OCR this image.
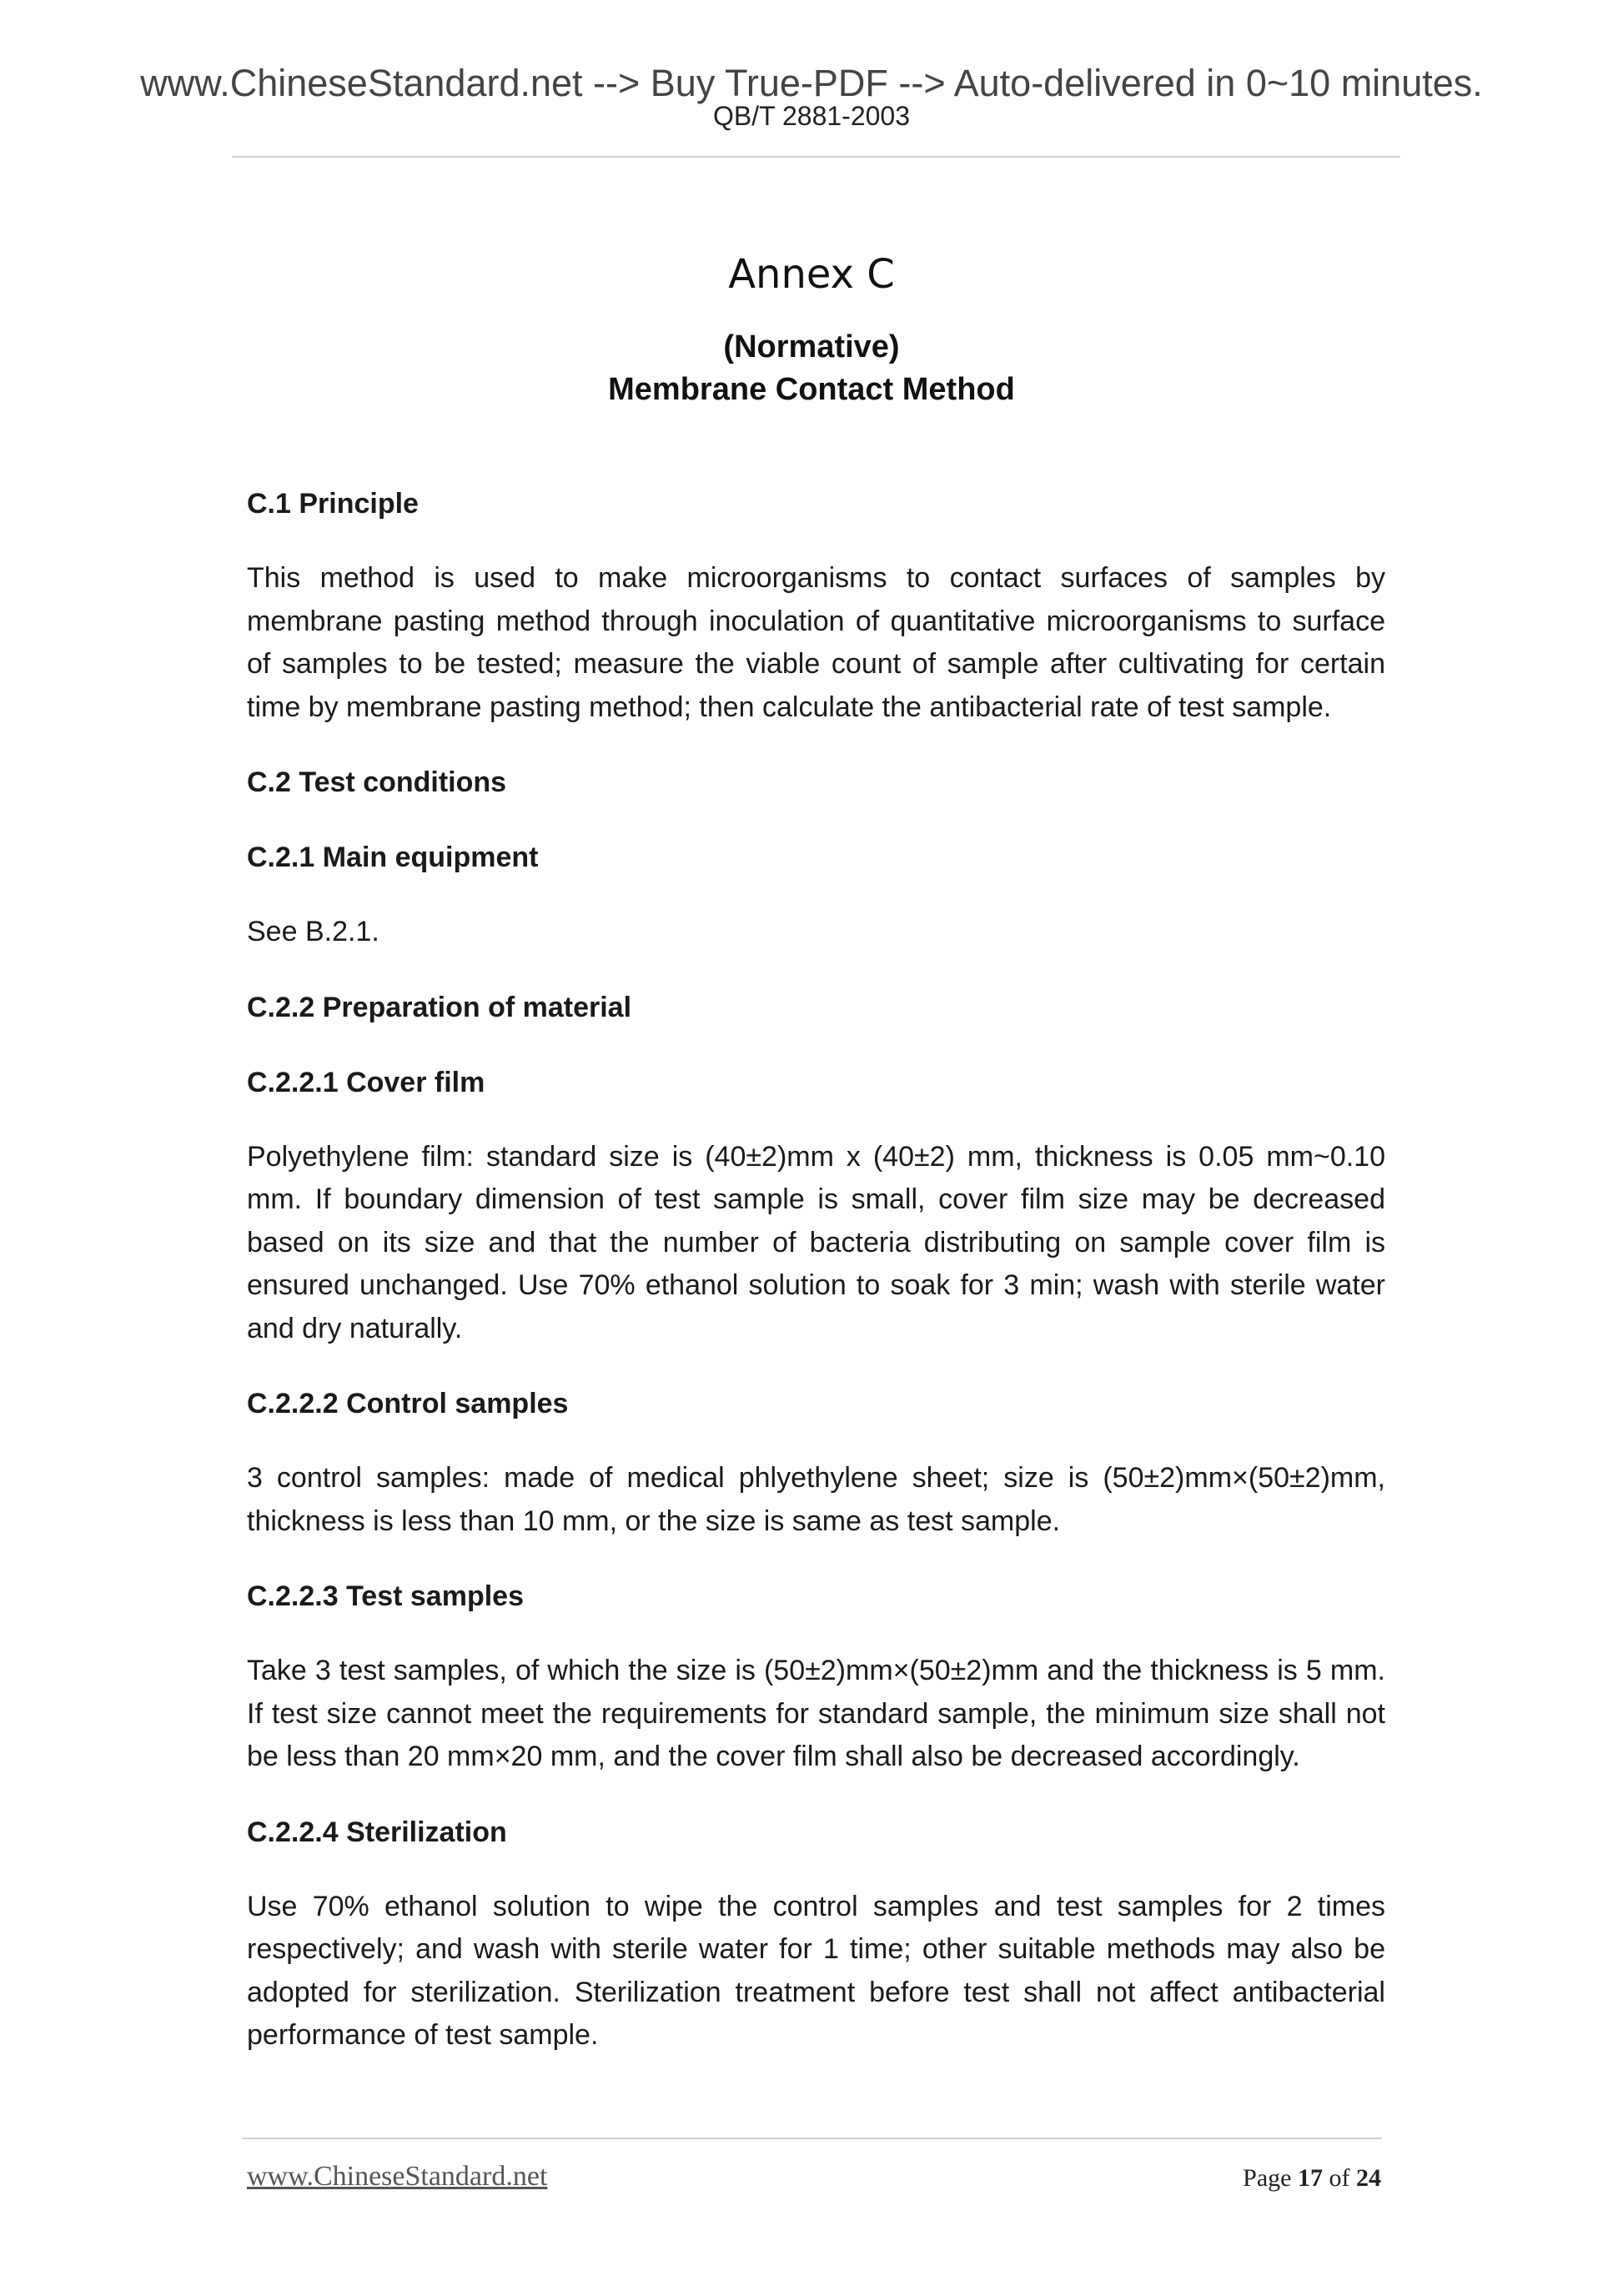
www.ChineseStandard.net --> Buy True-PDF --> Auto-delivered in 0~10 minutes.
QB/T 2881-2003
Annex C
(Normative)
Membrane Contact Method
C.1 Principle
This method is used to make microorganisms to contact surfaces of samples by membrane pasting method through inoculation of quantitative microorganisms to surface of samples to be tested; measure the viable count of sample after cultivating for certain time by membrane pasting method; then calculate the antibacterial rate of test sample.
C.2 Test conditions
C.2.1 Main equipment
See B.2.1.
C.2.2 Preparation of material
C.2.2.1 Cover film
Polyethylene film: standard size is (40±2)mm x (40±2) mm, thickness is 0.05 mm~0.10 mm. If boundary dimension of test sample is small, cover film size may be decreased based on its size and that the number of bacteria distributing on sample cover film is ensured unchanged. Use 70% ethanol solution to soak for 3 min; wash with sterile water and dry naturally.
C.2.2.2 Control samples
3 control samples: made of medical phlyethylene sheet; size is (50±2)mm×(50±2)mm, thickness is less than 10 mm, or the size is same as test sample.
C.2.2.3 Test samples
Take 3 test samples, of which the size is (50±2)mm×(50±2)mm and the thickness is 5 mm. If test size cannot meet the requirements for standard sample, the minimum size shall not be less than 20 mm×20 mm, and the cover film shall also be decreased accordingly.
C.2.2.4 Sterilization
Use 70% ethanol solution to wipe the control samples and test samples for 2 times respectively; and wash with sterile water for 1 time; other suitable methods may also be adopted for sterilization. Sterilization treatment before test shall not affect antibacterial performance of test sample.
www.ChineseStandard.net	Page 17 of 24
